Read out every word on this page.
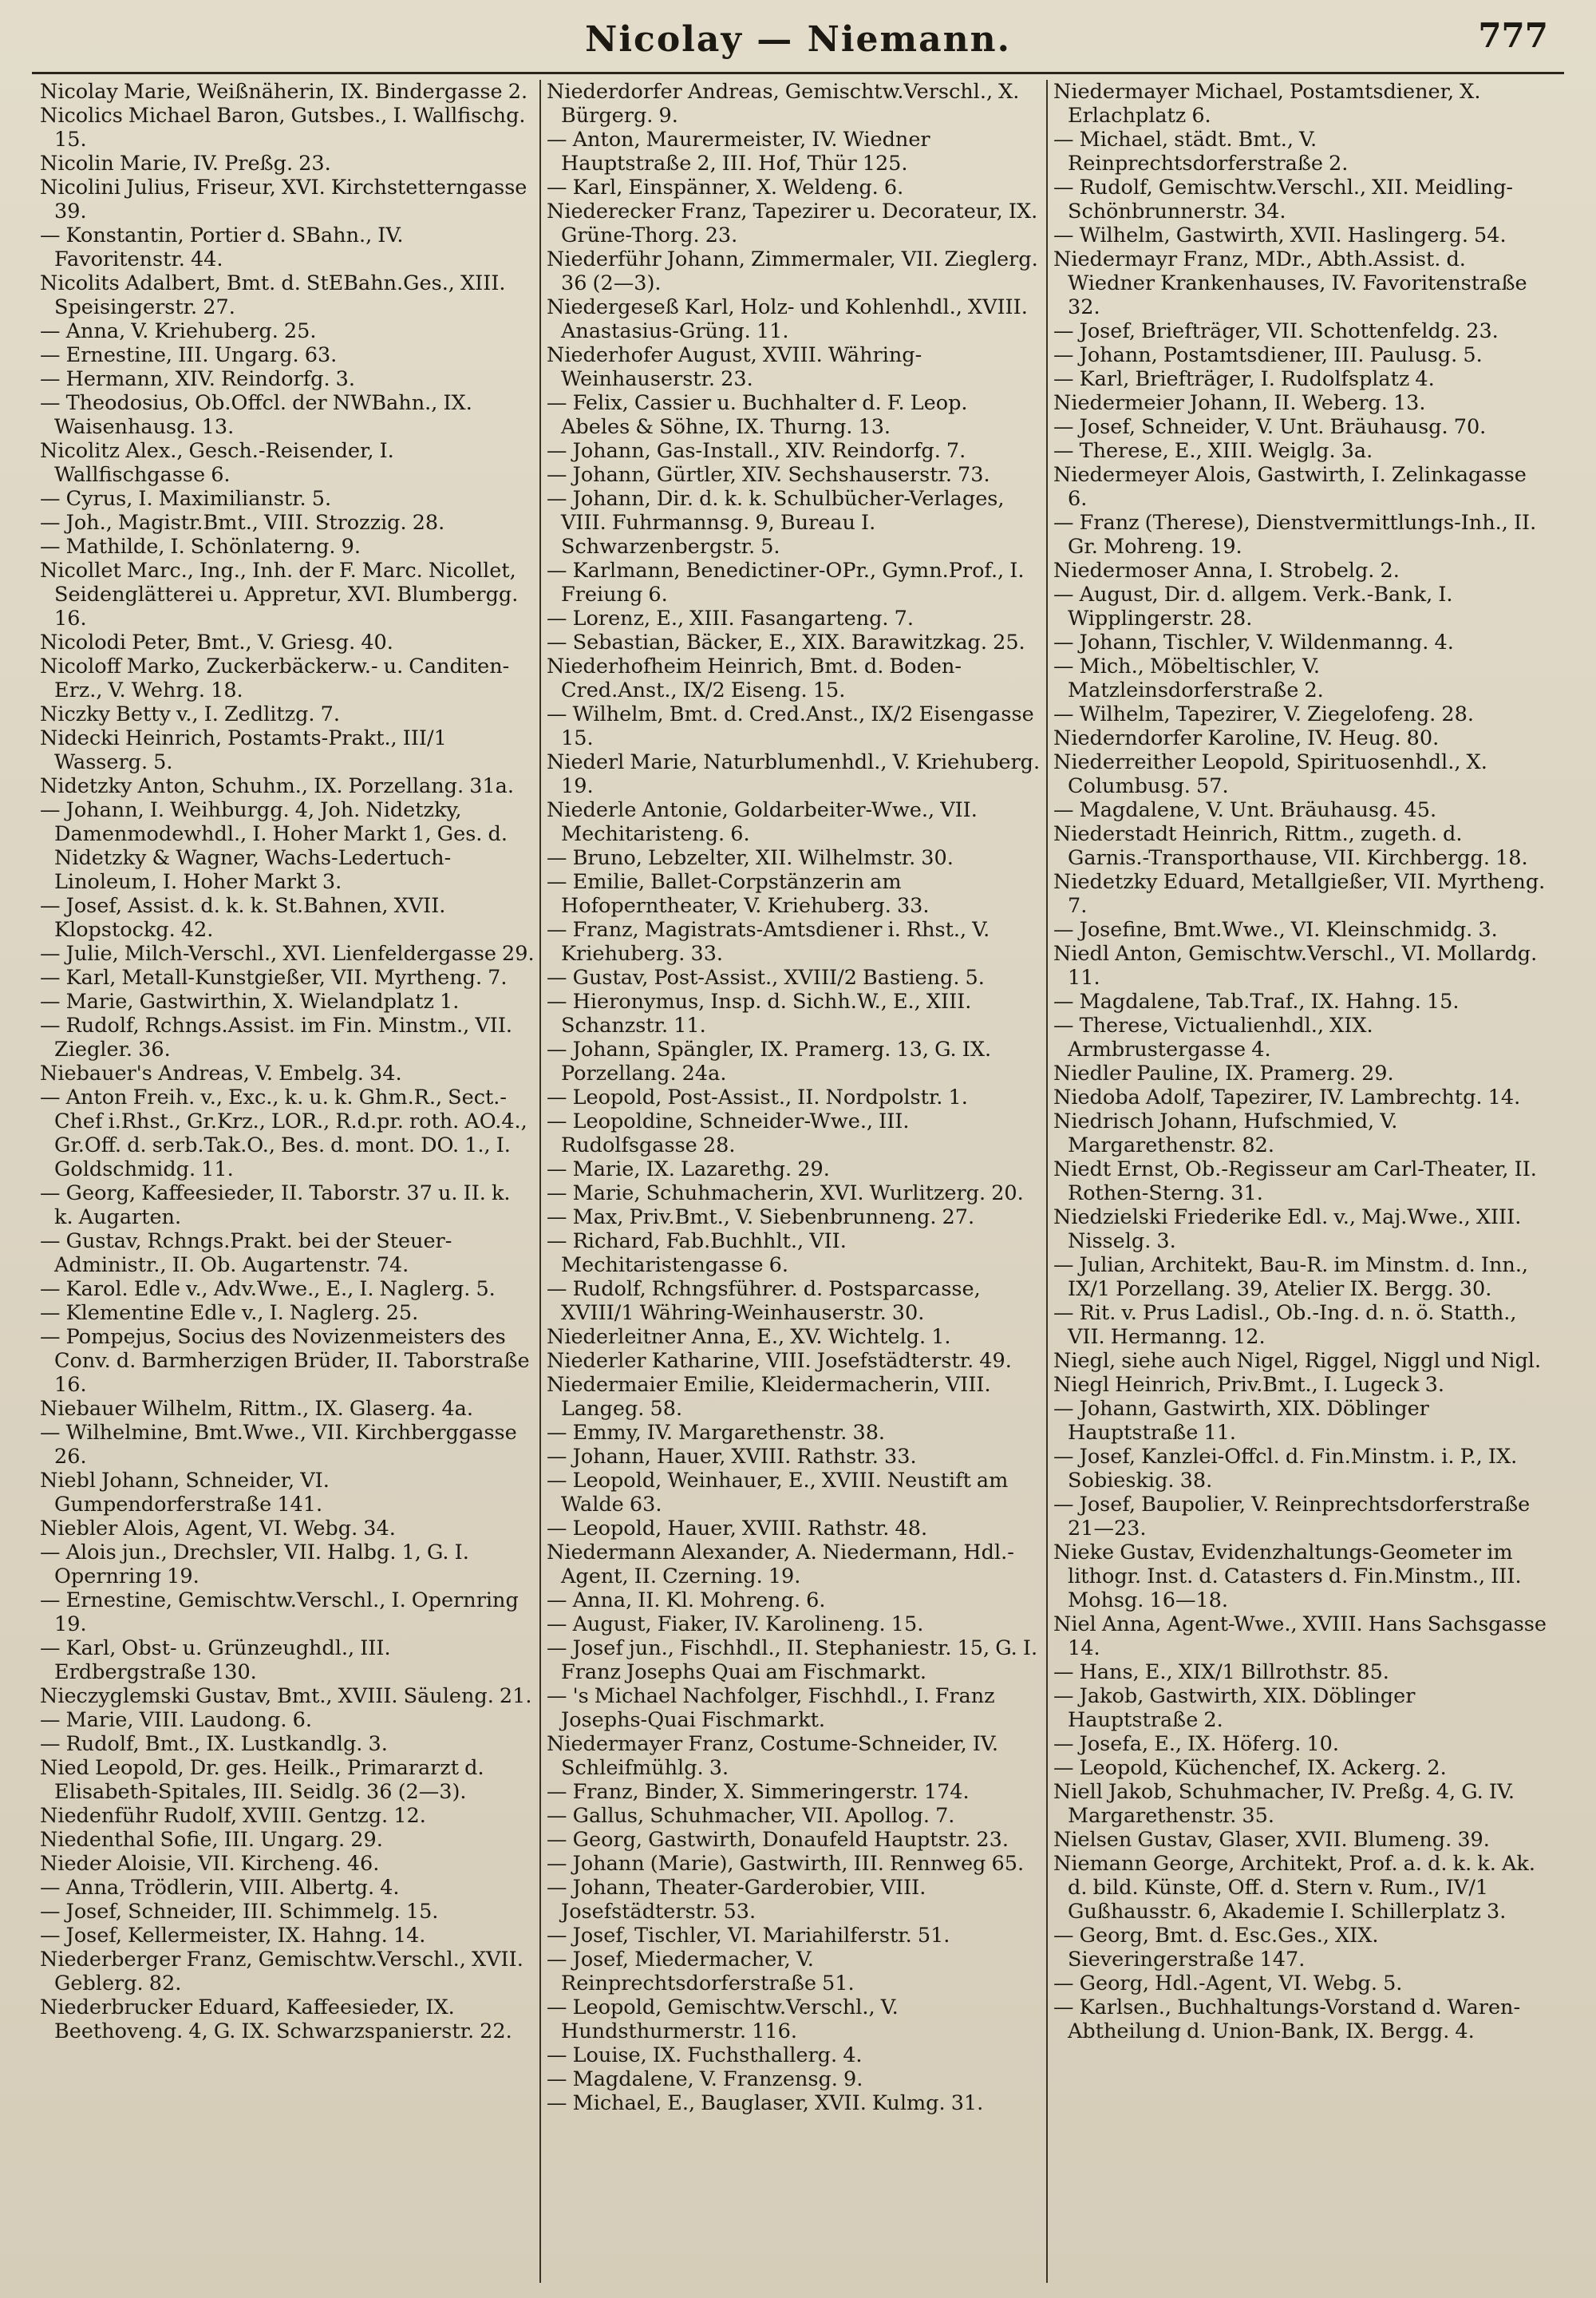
Nicolay — Niemann.	777

Nicolay Marie, Weißnäherin, IX. Bindergasse 2.

Nicolics Michael Baron, Gutsbes., I. Wallfischg. 15.

Nicolin Marie, IV. Preßg. 23.

Nicolini Julius, Friseur, XVI. Kirchstetterngasse 39.

— Konstantin, Portier d. SBahn., IV. Favoritenstr. 44.

Nicolits Adalbert, Bmt. d. StEBahn.Ges., XIII. Speisingerstr. 27.

— Anna, V. Kriehuberg. 25.

— Ernestine, III. Ungarg. 63.

— Hermann, XIV. Reindorfg. 3.

— Theodosius, Ob.Offcl. der NWBahn., IX. Waisenhausg. 13.

Nicolitz Alex., Gesch.-Reisender, I. Wallfischgasse 6.

— Cyrus, I. Maximilianstr. 5.

— Joh., Magistr.Bmt., VIII. Strozzig. 28.

— Mathilde, I. Schönlaterng. 9.

Nicollet Marc., Ing., Inh. der F. Marc. Nicollet, Seidenglätterei u. Appretur, XVI. Blumbergg. 16.

Nicolodi Peter, Bmt., V. Griesg. 40.

Nicoloff Marko, Zuckerbäckerw.- u. Canditen-Erz., V. Wehrg. 18.

Niczky Betty v., I. Zedlitzg. 7.

Nidecki Heinrich, Postamts-Prakt., III/1 Wasserg. 5.

Nidetzky Anton, Schuhm., IX. Porzellang. 31a.

— Johann, I. Weihburgg. 4, Joh. Nidetzky, Damenmodewhdl., I. Hoher Markt 1, Ges. d. Nidetzky & Wagner, Wachs-Ledertuch-Linoleum, I. Hoher Markt 3.

— Josef, Assist. d. k. k. St.Bahnen, XVII. Klopstockg. 42.

— Julie, Milch-Verschl., XVI. Lienfeldergasse 29.

— Karl, Metall-Kunstgießer, VII. Myrtheng. 7.

— Marie, Gastwirthin, X. Wielandplatz 1.

— Rudolf, Rchngs.Assist. im Fin. Minstm., VII. Ziegler. 36.

Niebauer's Andreas, V. Embelg. 34.

— Anton Freih. v., Exc., k. u. k. Ghm.R., Sect.-Chef i.Rhst., Gr.Krz., LOR., R.d.pr. roth. AO.4., Gr.Off. d. serb.Tak.O., Bes. d. mont. DO. 1., I. Goldschmidg. 11.

— Georg, Kaffeesieder, II. Taborstr. 37 u. II. k. k. Augarten.

— Gustav, Rchngs.Prakt. bei der Steuer-Administr., II. Ob. Augartenstr. 74.

— Karol. Edle v., Adv.Wwe., E., I. Naglerg. 5.

— Klementine Edle v., I. Naglerg. 25.

— Pompejus, Socius des Novizenmeisters des Conv. d. Barmherzigen Brüder, II. Taborstraße 16.

Niebauer Wilhelm, Rittm., IX. Glaserg. 4a.

— Wilhelmine, Bmt.Wwe., VII. Kirchberggasse 26.

Niebl Johann, Schneider, VI. Gumpendorferstraße 141.

Niebler Alois, Agent, VI. Webg. 34.

— Alois jun., Drechsler, VII. Halbg. 1, G. I. Opernring 19.

— Ernestine, Gemischtw.Verschl., I. Opernring 19.

— Karl, Obst- u. Grünzeughdl., III. Erdbergstraße 130.

Nieczyglemski Gustav, Bmt., XVIII. Säuleng. 21.

— Marie, VIII. Laudong. 6.

— Rudolf, Bmt., IX. Lustkandlg. 3.

Nied Leopold, Dr. ges. Heilk., Primararzt d. Elisabeth-Spitales, III. Seidlg. 36 (2—3).

Niedenführ Rudolf, XVIII. Gentzg. 12.

Niedenthal Sofie, III. Ungarg. 29.

Nieder Aloisie, VII. Kircheng. 46.

— Anna, Trödlerin, VIII. Albertg. 4.

— Josef, Schneider, III. Schimmelg. 15.

— Josef, Kellermeister, IX. Hahng. 14.

Niederberger Franz, Gemischtw.Verschl., XVII. Geblerg. 82.

Niederbrucker Eduard, Kaffeesieder, IX. Beethoveng. 4, G. IX. Schwarzspanierstr. 22.

Niederdorfer Andreas, Gemischtw.Verschl., X. Bürgerg. 9.

— Anton, Maurermeister, IV. Wiedner Hauptstraße 2, III. Hof, Thür 125.

— Karl, Einspänner, X. Weldeng. 6.

Niederecker Franz, Tapezirer u. Decorateur, IX. Grüne-Thorg. 23.

Niederführ Johann, Zimmermaler, VII. Zieglerg. 36 (2—3).

Niedergeseß Karl, Holz- und Kohlenhdl., XVIII. Anastasius-Grüng. 11.

Niederhofer August, XVIII. Währing-Weinhauserstr. 23.

— Felix, Cassier u. Buchhalter d. F. Leop. Abeles & Söhne, IX. Thurng. 13.

— Johann, Gas-Install., XIV. Reindorfg. 7.

— Johann, Gürtler, XIV. Sechshauserstr. 73.

— Johann, Dir. d. k. k. Schulbücher-Verlages, VIII. Fuhrmannsg. 9, Bureau I. Schwarzenbergstr. 5.

— Karlmann, Benedictiner-OPr., Gymn.Prof., I. Freiung 6.

— Lorenz, E., XIII. Fasangarteng. 7.

— Sebastian, Bäcker, E., XIX. Barawitzkag. 25.

Niederhofheim Heinrich, Bmt. d. Boden-Cred.Anst., IX/2 Eiseng. 15.

— Wilhelm, Bmt. d. Cred.Anst., IX/2 Eisengasse 15.

Niederl Marie, Naturblumenhdl., V. Kriehuberg. 19.

Niederle Antonie, Goldarbeiter-Wwe., VII. Mechitaristeng. 6.

— Bruno, Lebzelter, XII. Wilhelmstr. 30.

— Emilie, Ballet-Corpstänzerin am Hofoperntheater, V. Kriehuberg. 33.

— Franz, Magistrats-Amtsdiener i. Rhst., V. Kriehuberg. 33.

— Gustav, Post-Assist., XVIII/2 Bastieng. 5.

— Hieronymus, Insp. d. Sichh.W., E., XIII. Schanzstr. 11.

— Johann, Spängler, IX. Pramerg. 13, G. IX. Porzellang. 24a.

— Leopold, Post-Assist., II. Nordpolstr. 1.

— Leopoldine, Schneider-Wwe., III. Rudolfsgasse 28.

— Marie, IX. Lazarethg. 29.

— Marie, Schuhmacherin, XVI. Wurlitzerg. 20.

— Max, Priv.Bmt., V. Siebenbrunneng. 27.

— Richard, Fab.Buchhlt., VII. Mechitaristengasse 6.

— Rudolf, Rchngsführer. d. Postsparcasse, XVIII/1 Währing-Weinhauserstr. 30.

Niederleitner Anna, E., XV. Wichtelg. 1.

Niederler Katharine, VIII. Josefstädterstr. 49.

Niedermaier Emilie, Kleidermacherin, VIII. Langeg. 58.

— Emmy, IV. Margarethenstr. 38.

— Johann, Hauer, XVIII. Rathstr. 33.

— Leopold, Weinhauer, E., XVIII. Neustift am Walde 63.

— Leopold, Hauer, XVIII. Rathstr. 48.

Niedermann Alexander, A. Niedermann, Hdl.-Agent, II. Czerning. 19.

— Anna, II. Kl. Mohreng. 6.

— August, Fiaker, IV. Karolineng. 15.

— Josef jun., Fischhdl., II. Stephaniestr. 15, G. I. Franz Josephs Quai am Fischmarkt.

— 's Michael Nachfolger, Fischhdl., I. Franz Josephs-Quai Fischmarkt.

Niedermayer Franz, Costume-Schneider, IV. Schleifmühlg. 3.

— Franz, Binder, X. Simmeringerstr. 174.

— Gallus, Schuhmacher, VII. Apollog. 7.

— Georg, Gastwirth, Donaufeld Hauptstr. 23.

— Johann (Marie), Gastwirth, III. Rennweg 65.

— Johann, Theater-Garderobier, VIII. Josefstädterstr. 53.

— Josef, Tischler, VI. Mariahilferstr. 51.

— Josef, Miedermacher, V. Reinprechtsdorferstraße 51.

— Leopold, Gemischtw.Verschl., V. Hundsthurmerstr. 116.

— Louise, IX. Fuchsthallerg. 4.

— Magdalene, V. Franzensg. 9.

— Michael, E., Bauglaser, XVII. Kulmg. 31.

Niedermayer Michael, Postamtsdiener, X. Erlachplatz 6.

— Michael, städt. Bmt., V. Reinprechtsdorferstraße 2.

— Rudolf, Gemischtw.Verschl., XII. Meidling-Schönbrunnerstr. 34.

— Wilhelm, Gastwirth, XVII. Haslingerg. 54.

Niedermayr Franz, MDr., Abth.Assist. d. Wiedner Krankenhauses, IV. Favoritenstraße 32.

— Josef, Briefträger, VII. Schottenfeldg. 23.

— Johann, Postamtsdiener, III. Paulusg. 5.

— Karl, Briefträger, I. Rudolfsplatz 4.

Niedermeier Johann, II. Weberg. 13.

— Josef, Schneider, V. Unt. Bräuhausg. 70.

— Therese, E., XIII. Weiglg. 3a.

Niedermeyer Alois, Gastwirth, I. Zelinkagasse 6.

— Franz (Therese), Dienstvermittlungs-Inh., II. Gr. Mohreng. 19.

Niedermoser Anna, I. Strobelg. 2.

— August, Dir. d. allgem. Verk.-Bank, I. Wipplingerstr. 28.

— Johann, Tischler, V. Wildenmanng. 4.

— Mich., Möbeltischler, V. Matzleinsdorferstraße 2.

— Wilhelm, Tapezirer, V. Ziegelofeng. 28.

Niederndorfer Karoline, IV. Heug. 80.

Niederreither Leopold, Spirituosenhdl., X. Columbusg. 57.

— Magdalene, V. Unt. Bräuhausg. 45.

Niederstadt Heinrich, Rittm., zugeth. d. Garnis.-Transporthause, VII. Kirchbergg. 18.

Niedetzky Eduard, Metallgießer, VII. Myrtheng. 7.

— Josefine, Bmt.Wwe., VI. Kleinschmidg. 3.

Niedl Anton, Gemischtw.Verschl., VI. Mollardg. 11.

— Magdalene, Tab.Traf., IX. Hahng. 15.

— Therese, Victualienhdl., XIX. Armbrustergasse 4.

Niedler Pauline, IX. Pramerg. 29.

Niedoba Adolf, Tapezirer, IV. Lambrechtg. 14.

Niedrisch Johann, Hufschmied, V. Margarethenstr. 82.

Niedt Ernst, Ob.-Regisseur am Carl-Theater, II. Rothen-Sterng. 31.

Niedzielski Friederike Edl. v., Maj.Wwe., XIII. Nisselg. 3.

— Julian, Architekt, Bau-R. im Minstm. d. Inn., IX/1 Porzellang. 39, Atelier IX. Bergg. 30.

— Rit. v. Prus Ladisl., Ob.-Ing. d. n. ö. Statth., VII. Hermanng. 12.

Niegl, siehe auch Nigel, Riggel, Niggl und Nigl.

Niegl Heinrich, Priv.Bmt., I. Lugeck 3.

— Johann, Gastwirth, XIX. Döblinger Hauptstraße 11.

— Josef, Kanzlei-Offcl. d. Fin.Minstm. i. P., IX. Sobieskig. 38.

— Josef, Baupolier, V. Reinprechtsdorferstraße 21—23.

Nieke Gustav, Evidenzhaltungs-Geometer im lithogr. Inst. d. Catasters d. Fin.Minstm., III. Mohsg. 16—18.

Niel Anna, Agent-Wwe., XVIII. Hans Sachsgasse 14.

— Hans, E., XIX/1 Billrothstr. 85.

— Jakob, Gastwirth, XIX. Döblinger Hauptstraße 2.

— Josefa, E., IX. Höferg. 10.

— Leopold, Küchenchef, IX. Ackerg. 2.

Niell Jakob, Schuhmacher, IV. Preßg. 4, G. IV. Margarethenstr. 35.

Nielsen Gustav, Glaser, XVII. Blumeng. 39.

Niemann George, Architekt, Prof. a. d. k. k. Ak. d. bild. Künste, Off. d. Stern v. Rum., IV/1 Gußhausstr. 6, Akademie I. Schillerplatz 3.

— Georg, Bmt. d. Esc.Ges., XIX. Sieveringerstraße 147.

— Georg, Hdl.-Agent, VI. Webg. 5.

— Karlsen., Buchhaltungs-Vorstand d. Waren-Abtheilung d. Union-Bank, IX. Bergg. 4.
